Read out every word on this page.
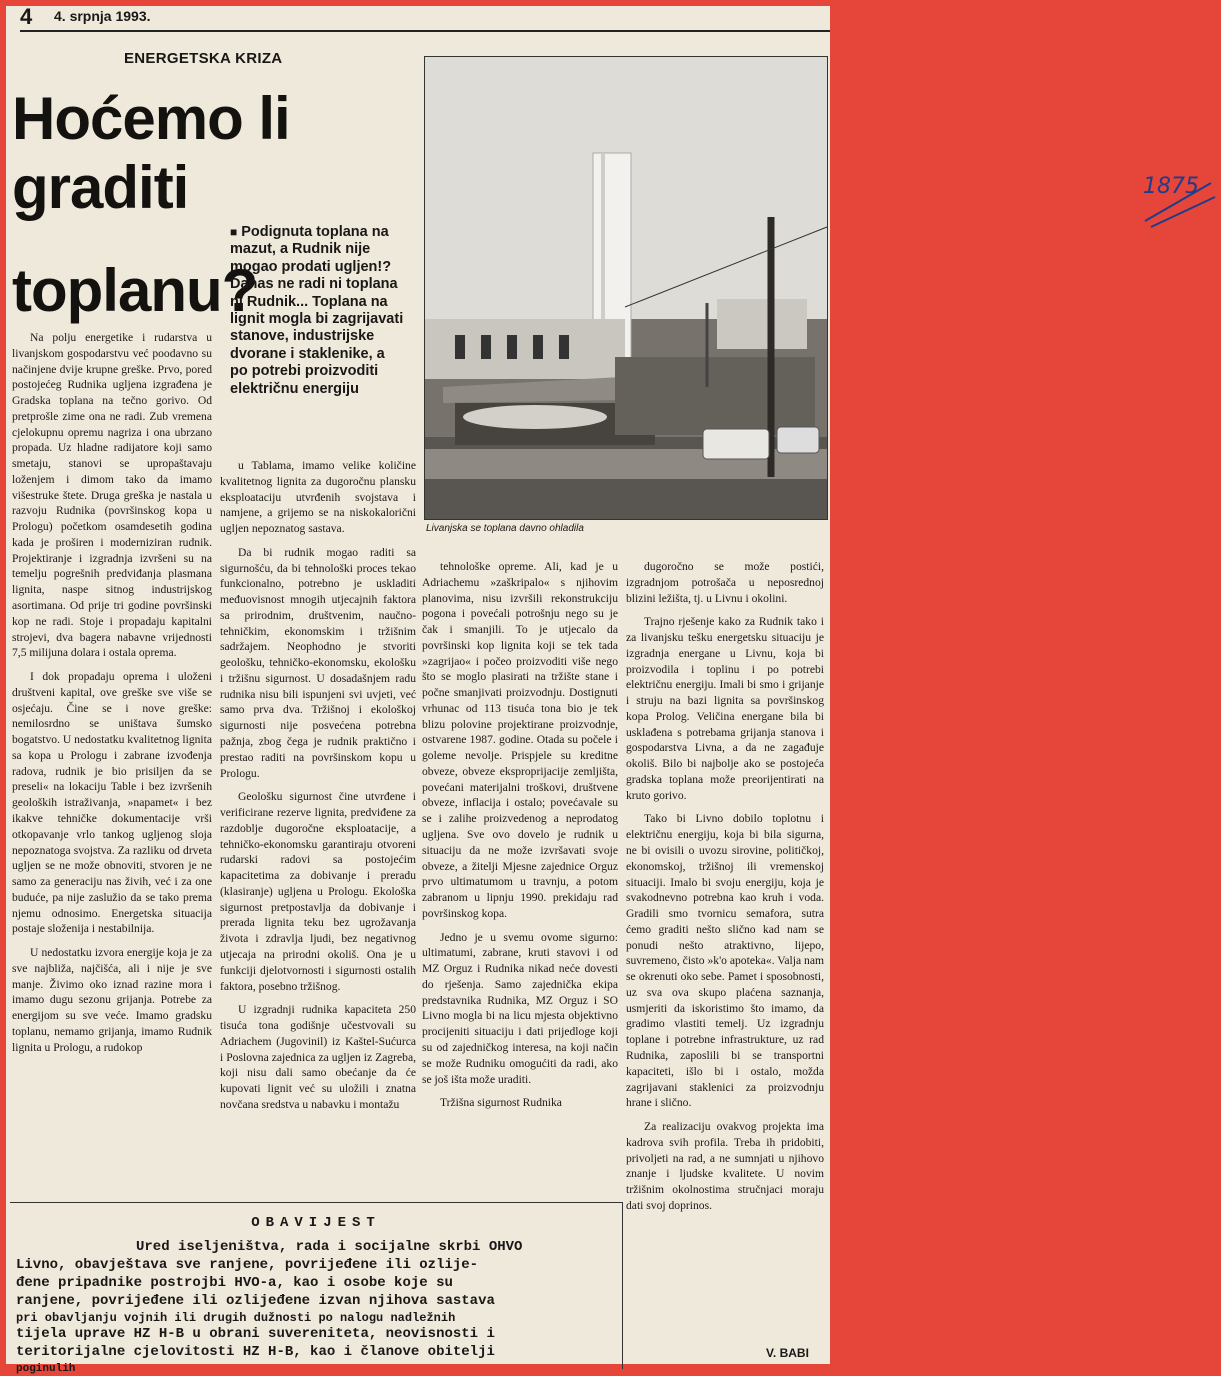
4 4. srpnja 1993.
ENERGETSKA KRIZA
Hoćemo li graditi
toplanu?
■ Podignuta toplana na mazut, a Rudnik nije mogao prodati ugljen!? Danas ne radi ni toplana ni Rudnik... Toplana na lignit mogla bi zagrijavati stanove, industrijske dvorane i staklenike, a po potrebi proizvoditi električnu energiju
1875
Livanjska se toplana davno ohladila

Na polju energetike i rudarstva u livanjskom gospodarstvu već poodavno su načinjene dvije krupne greške. Prvo, pored postojećeg Rudnika ugljena izgrađena je Gradska toplana na tečno gorivo. Od pretprošle zime ona ne radi. Zub vremena cjelokupnu opremu nagriza i ona ubrzano propada. Uz hladne radijatore koji samo smetaju, stanovi se upropaštavaju loženjem i dimom tako da imamo višestruke štete. Druga greška je nastala u razvoju Rudnika (površinskog kopa u Prologu) početkom osamdesetih godina kada je proširen i moderniziran rudnik. Projektiranje i izgradnja izvršeni su na temelju pogrešnih predviđanja plasmana lignita, naspe sitnog industrijskog asortimana. Od prije tri godine površinski kop ne radi. Stoje i propadaju kapitalni strojevi, dva bagera nabavne vrijednosti 7,5 milijuna dolara i ostala oprema.

I dok propadaju oprema i uloženi društveni kapital, ove greške sve više se osjećaju. Čine se i nove greške: nemilosrdno se uništava šumsko bogatstvo. U nedostatku kvalitetnog lignita sa kopa u Prologu i zabrane izvođenja radova, rudnik je bio prisiljen da se preseli« na lokaciju Table i bez izvršenih geoloških istraživanja, »napamet« i bez ikakve tehničke dokumentacije vrši otkopavanje vrlo tankog ugljenog sloja nepoznatoga svojstva. Za razliku od drveta ugljen se ne može obnoviti, stvoren je ne samo za generaciju nas živih, već i za one buduće, pa nije zaslužio da se tako prema njemu odnosimo. Energetska situacija postaje složenija i nestabilnija.

U nedostatku izvora energije koja je za sve najbliža, najčišća, ali i nije je sve manje. Živimo oko iznad razine mora i imamo dugu sezonu grijanja. Potrebe za energijom su sve veće. Imamo gradsku toplanu, nemamo grijanja, imamo Rudnik lignita u Prologu, a rudokop

u Tablama, imamo velike količine kvalitetnog lignita za dugoročnu plansku eksploataciju utvrđenih svojstava i namjene, a grijemo se na niskokalorični ugljen nepoznatog sastava.

Da bi rudnik mogao raditi sa sigurnošću, da bi tehnološki proces tekao funkcionalno, potrebno je uskladiti međuovisnost mnogih utjecajnih faktora sa prirodnim, društvenim, naučno-tehničkim, ekonomskim i tržišnim sadržajem. Neophodno je stvoriti geološku, tehničko-ekonomsku, ekološku i tržišnu sigurnost. U dosadašnjem radu rudnika nisu bili ispunjeni svi uvjeti, već samo prva dva. Tržišnoj i ekološkoj sigurnosti nije posvećena potrebna pažnja, zbog čega je rudnik praktično i prestao raditi na površinskom kopu u Prologu.

Geološku sigurnost čine utvrđene i verificirane rezerve lignita, predviđene za razdoblje dugoročne eksploatacije, a tehničko-ekonomsku garantiraju otvoreni rudarski radovi sa postojećim kapacitetima za dobivanje i preradu (klasiranje) ugljena u Prologu. Ekološka sigurnost pretpostavlja da dobivanje i prerada lignita teku bez ugrožavanja života i zdravlja ljudi, bez negativnog utjecaja na prirodni okoliš. Ona je u funkciji djelotvornosti i sigurnosti ostalih faktora, posebno tržišnog.

U izgradnji rudnika kapaciteta 250 tisuća tona godišnje učestvovali su Adriachem (Jugovinil) iz Kaštel-Sućurca i Poslovna zajednica za ugljen iz Zagreba, koji nisu dali samo obećanje da će kupovati lignit već su uložili i znatna novčana sredstva u nabavku i montažu

tehnološke opreme. Ali, kad je u Adriachemu »zaškripalo« s njihovim planovima, nisu izvršili rekonstrukciju pogona i povećali potrošnju nego su je čak i smanjili. To je utjecalo da površinski kop lignita koji se tek tada »zagrijao« i počeo proizvoditi više nego što se moglo plasirati na tržište stane i počne smanjivati proizvodnju. Dostignuti vrhunac od 113 tisuća tona bio je tek blizu polovine projektirane proizvodnje, ostvarene 1987. godine. Otada su počele i goleme nevolje. Prispjele su kreditne obveze, obveze eksproprijacije zemljišta, povećani materijalni troškovi, društvene obveze, inflacija i ostalo; povećavale su se i zalihe proizvedenog a neprodatog ugljena. Sve ovo dovelo je rudnik u situaciju da ne može izvršavati svoje obveze, a žitelji Mjesne zajednice Orguz prvo ultimatumom u travnju, a potom zabranom u lipnju 1990. prekidaju rad površinskog kopa.

Jedno je u svemu ovome sigurno: ultimatumi, zabrane, kruti stavovi i od MZ Orguz i Rudnika nikad neće dovesti do rješenja. Samo zajednička ekipa predstavnika Rudnika, MZ Orguz i SO Livno mogla bi na licu mjesta objektivno procijeniti situaciju i dati prijedloge koji su od zajedničkog interesa, na koji način se može Rudniku omogućiti da radi, ako se još išta može uraditi.

Tržišna sigurnost Rudnika

dugoročno se može postići, izgradnjom potrošača u neposrednoj blizini ležišta, tj. u Livnu i okolini.

Trajno rješenje kako za Rudnik tako i za livanjsku tešku energetsku situaciju je izgradnja energane u Livnu, koja bi proizvodila i toplinu i po potrebi električnu energiju. Imali bi smo i grijanje i struju na bazi lignita sa površinskog kopa Prolog. Veličina energane bila bi usklađena s potrebama grijanja stanova i gospodarstva Livna, a da ne zagađuje okoliš. Bilo bi najbolje ako se postojeća gradska toplana može preorijentirati na kruto gorivo.

Tako bi Livno dobilo toplotnu i električnu energiju, koja bi bila sigurna, ne bi ovisili o uvozu sirovine, političkoj, ekonomskoj, tržišnoj ili vremenskoj situaciji. Imalo bi svoju energiju, koja je svakodnevno potrebna kao kruh i voda. Gradili smo tvornicu semafora, sutra ćemo graditi nešto slično kad nam se ponudi nešto atraktivno, lijepo, suvremeno, čisto »k'o apoteka«. Valja nam se okrenuti oko sebe. Pamet i sposobnosti, uz sva ova skupo plaćena saznanja, usmjeriti da iskoristimo što imamo, da gradimo vlastiti temelj. Uz izgradnju toplane i potrebne infrastrukture, uz rad Rudnika, zaposlili bi se transportni kapaciteti, išlo bi i ostalo, možda zagrijavani staklenici za proizvodnju hrane i slično.

Za realizaciju ovakvog projekta ima kadrova svih profila. Treba ih pridobiti, privoljeti na rad, a ne sumnjati u njihovo znanje i ljudske kvalitete. U novim tržišnim okolnostima stručnjaci moraju dati svoj doprinos.

OBAVIJEST
Ured iseljeništva, rada i socijalne skrbi OHVO
Livno, obavještava sve ranjene, povrijeđene ili ozlije-
đene pripadnike postrojbi HVO-a, kao i osobe koje su
ranjene, povrijeđene ili ozlijeđene izvan njihova sastava
pri obavljanju vojnih ili drugih dužnosti po nalogu nadležnih
tijela uprave HZ H-B u obrani suvereniteta, neovisnosti i
teritorijalne cjelovitosti HZ H-B, kao i članove obitelji
poginulih
V. BABI
